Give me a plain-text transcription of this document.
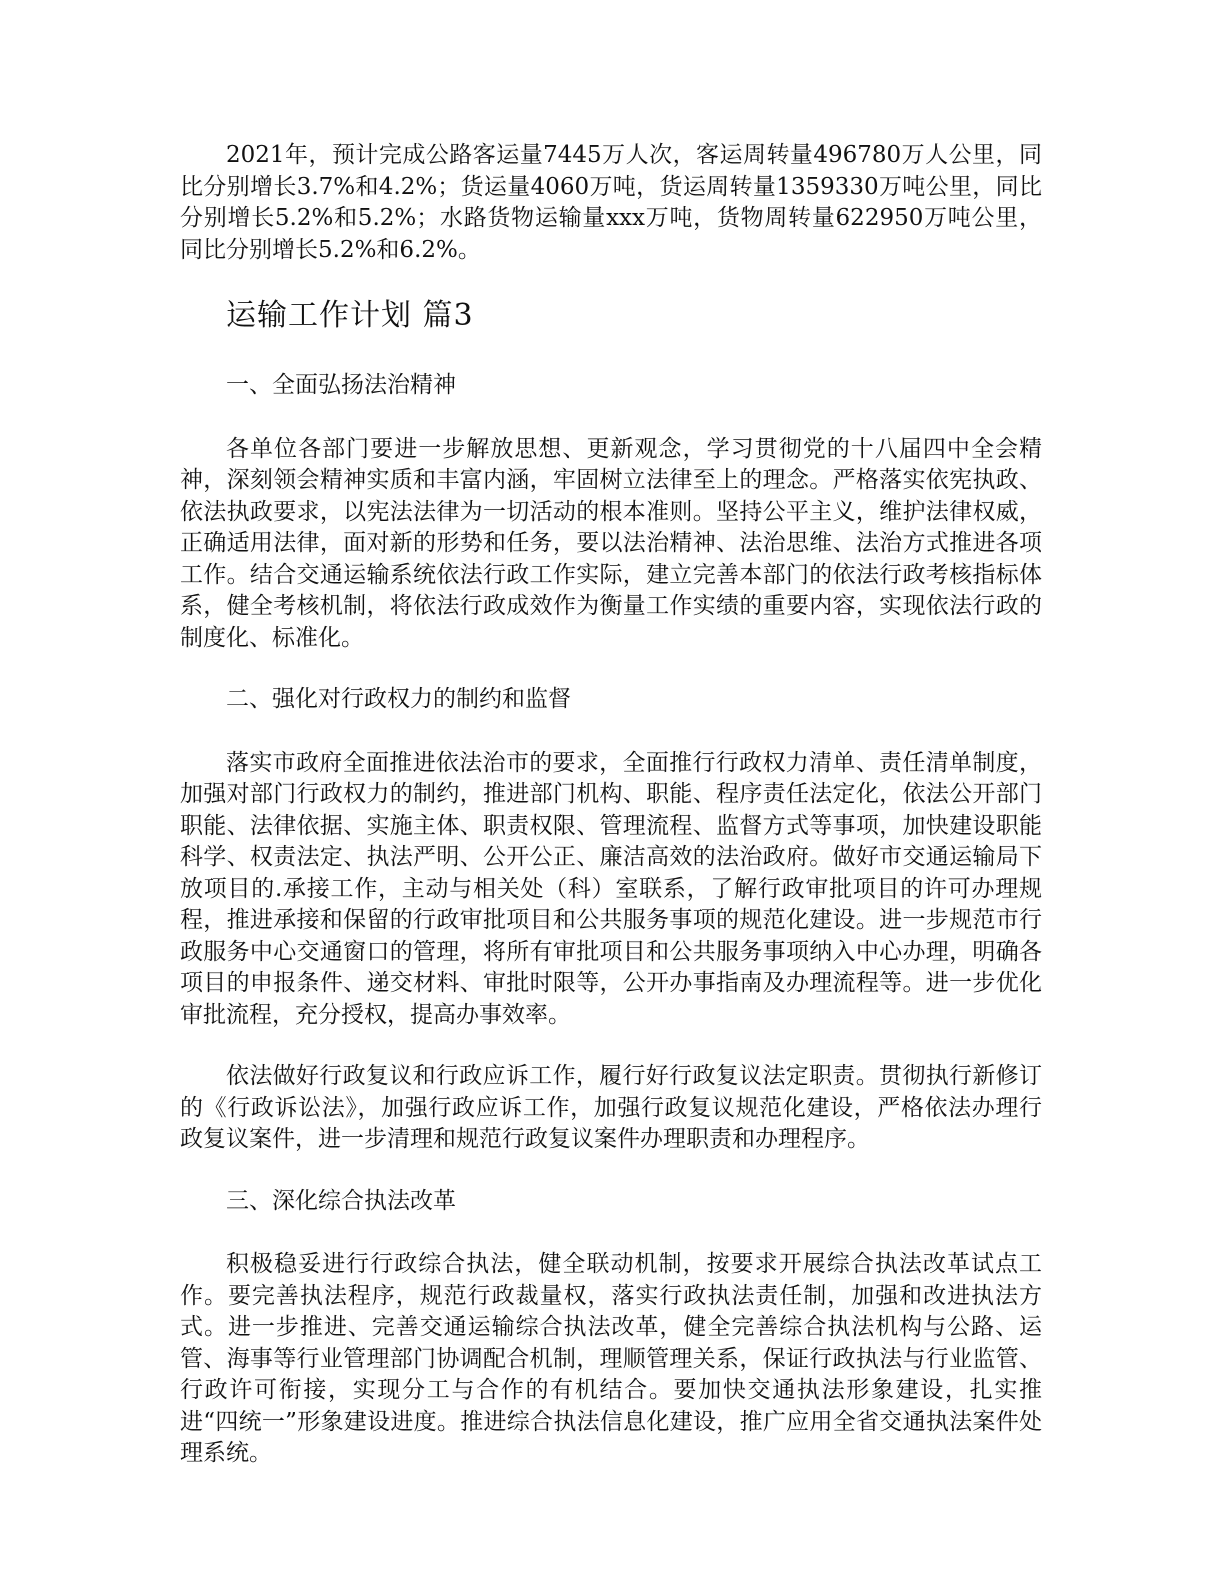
2021年，预计完成公路客运量7445万人次，客运周转量496780万人公里，同比分别增长3.7%和4.2%；货运量4060万吨，货运周转量1359330万吨公里，同比分别增长5.2%和5.2%；水路货物运输量xxx万吨，货物周转量622950万吨公里，同比分别增长5.2%和6.2%。

运输工作计划 篇3
一、全面弘扬法治精神

各单位各部门要进一步解放思想、更新观念，学习贯彻党的十八届四中全会精神，深刻领会精神实质和丰富内涵，牢固树立法律至上的理念。严格落实依宪执政、依法执政要求，以宪法法律为一切活动的根本准则。坚持公平主义，维护法律权威，正确适用法律，面对新的形势和任务，要以法治精神、法治思维、法治方式推进各项工作。结合交通运输系统依法行政工作实际，建立完善本部门的依法行政考核指标体系，健全考核机制，将依法行政成效作为衡量工作实绩的重要内容，实现依法行政的制度化、标准化。

二、强化对行政权力的制约和监督

落实市政府全面推进依法治市的要求，全面推行行政权力清单、责任清单制度，加强对部门行政权力的制约，推进部门机构、职能、程序责任法定化，依法公开部门职能、法律依据、实施主体、职责权限、管理流程、监督方式等事项，加快建设职能科学、权责法定、执法严明、公开公正、廉洁高效的法治政府。做好市交通运输局下放项目的.承接工作，主动与相关处（科）室联系，了解行政审批项目的许可办理规程，推进承接和保留的行政审批项目和公共服务事项的规范化建设。进一步规范市行政服务中心交通窗口的管理，将所有审批项目和公共服务事项纳入中心办理，明确各项目的申报条件、递交材料、审批时限等，公开办事指南及办理流程等。进一步优化审批流程，充分授权，提高办事效率。

依法做好行政复议和行政应诉工作，履行好行政复议法定职责。贯彻执行新修订的《行政诉讼法》，加强行政应诉工作，加强行政复议规范化建设，严格依法办理行政复议案件，进一步清理和规范行政复议案件办理职责和办理程序。

三、深化综合执法改革

积极稳妥进行行政综合执法，健全联动机制，按要求开展综合执法改革试点工作。要完善执法程序，规范行政裁量权，落实行政执法责任制，加强和改进执法方式。进一步推进、完善交通运输综合执法改革，健全完善综合执法机构与公路、运管、海事等行业管理部门协调配合机制，理顺管理关系，保证行政执法与行业监管、行政许可衔接，实现分工与合作的有机结合。要加快交通执法形象建设，扎实推进“四统一”形象建设进度。推进综合执法信息化建设，推广应用全省交通执法案件处理系统。
